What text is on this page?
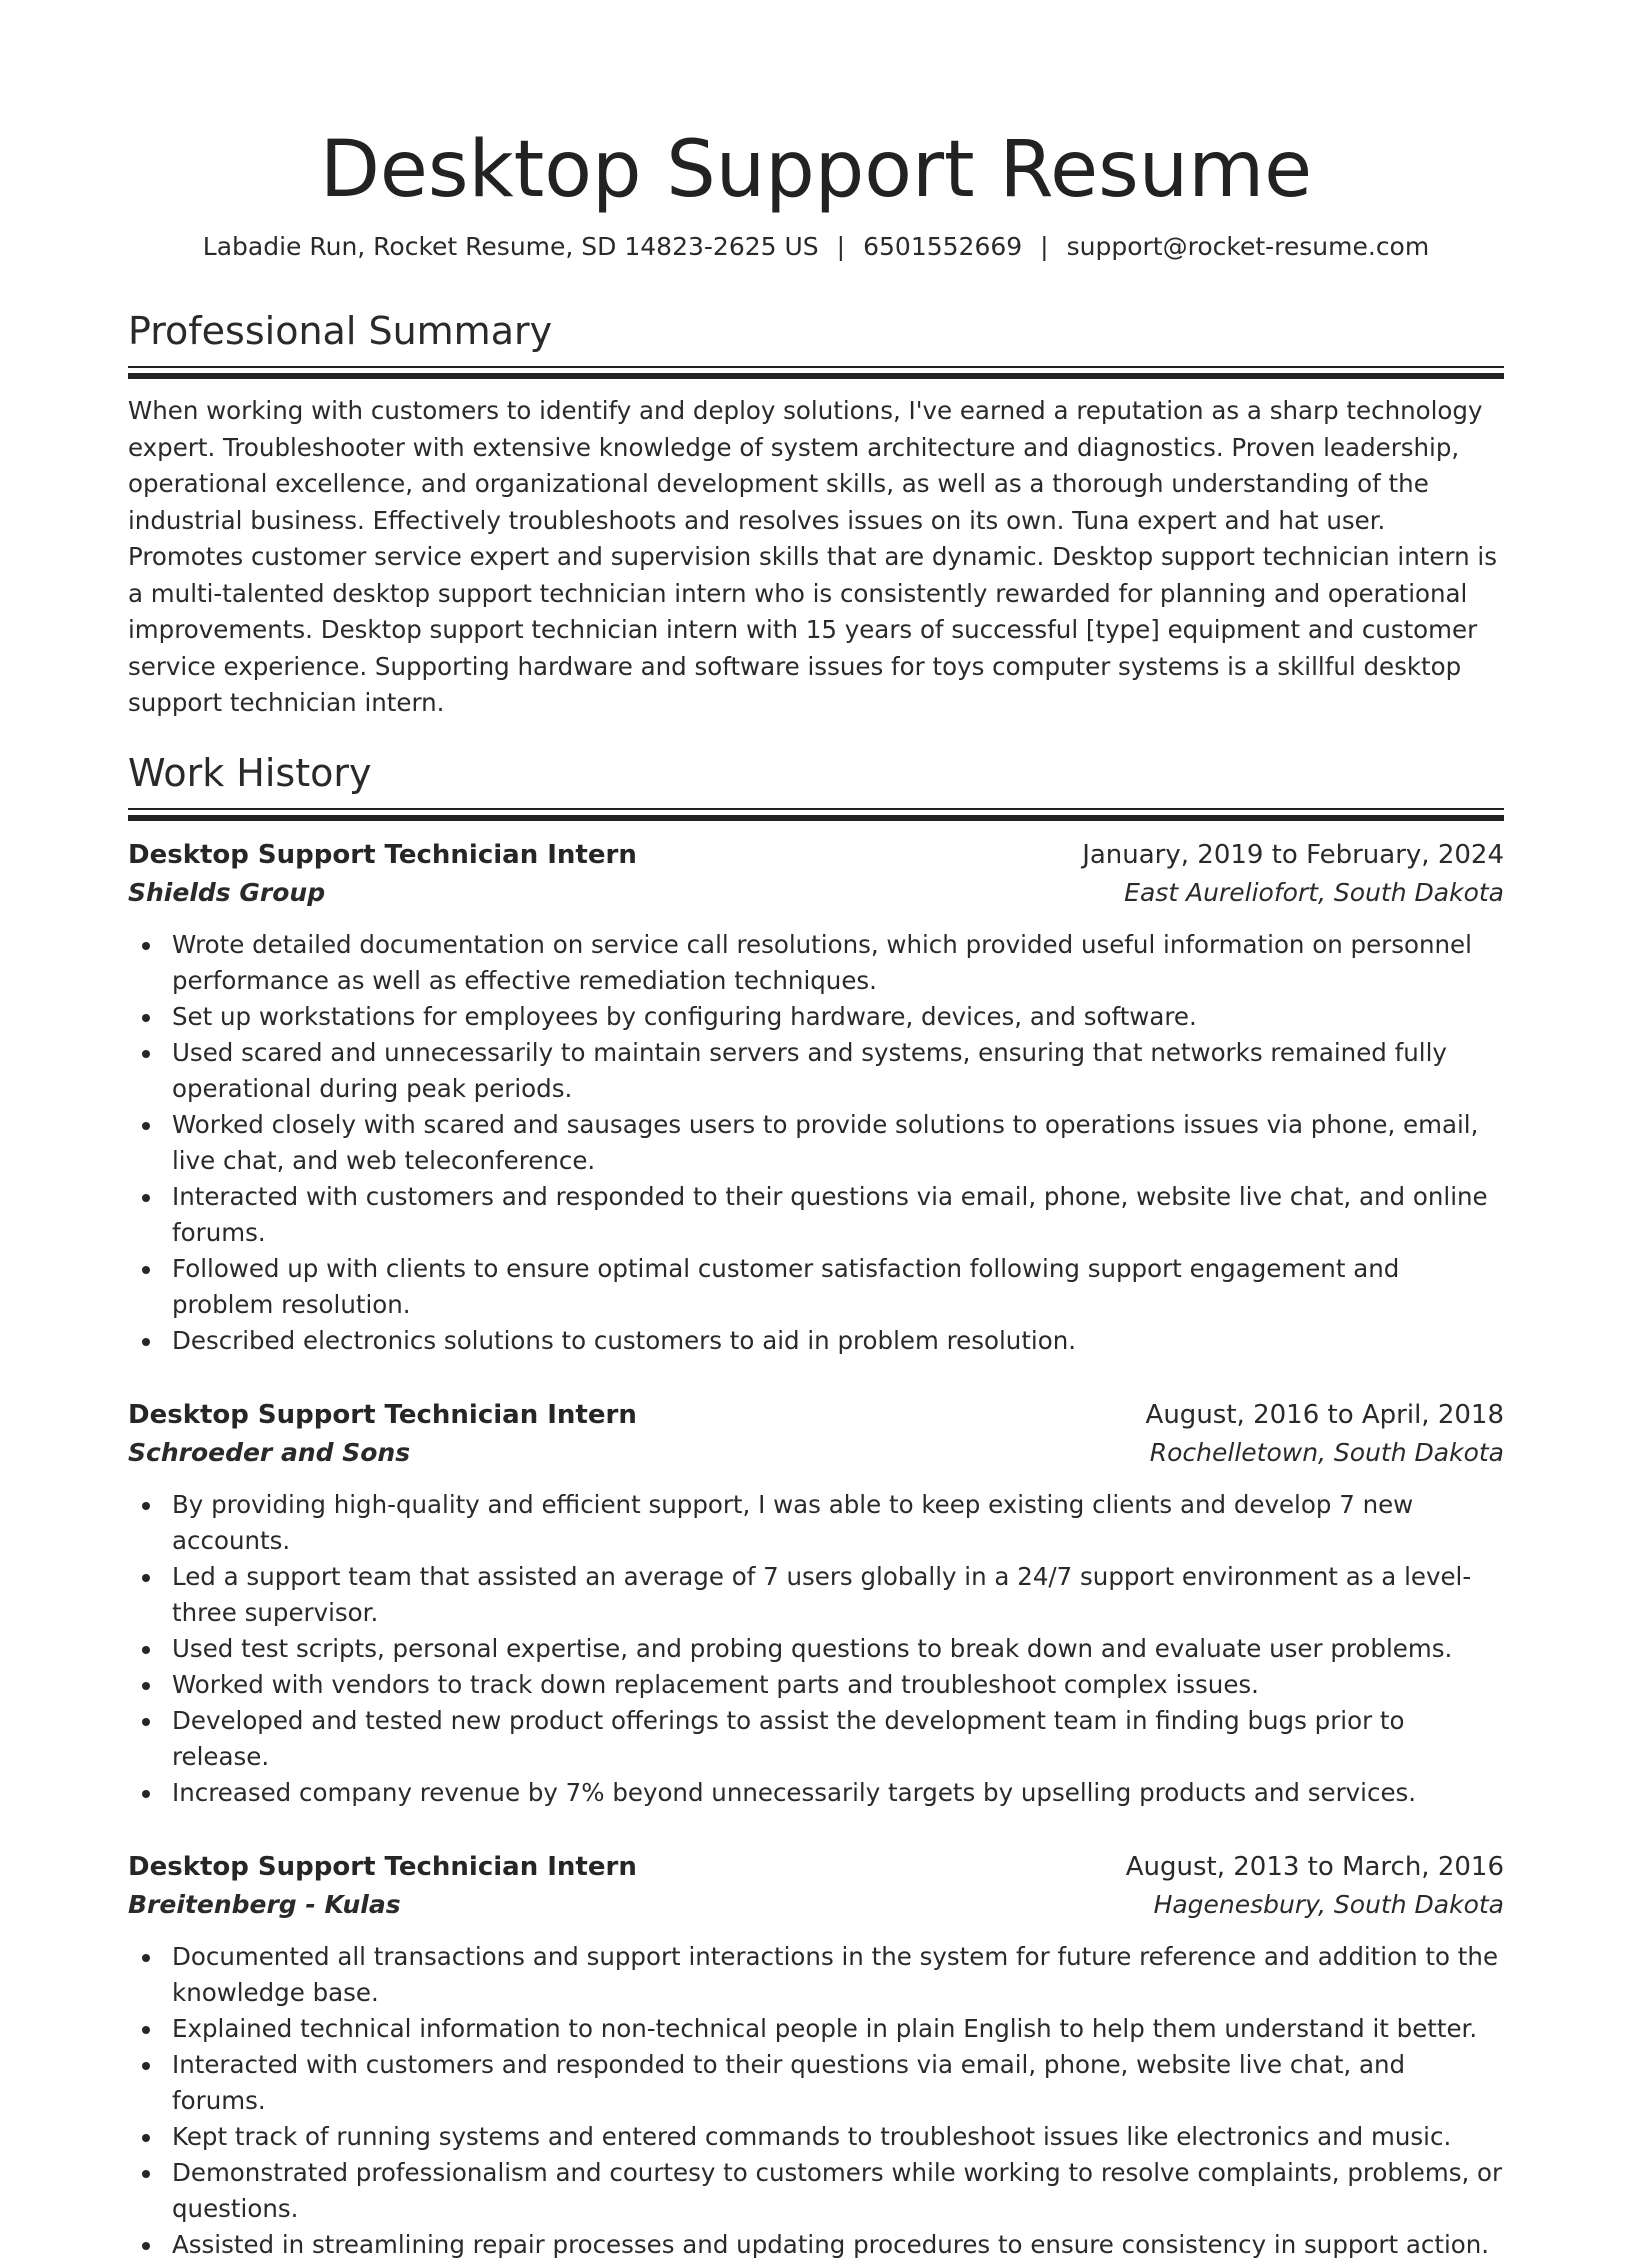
Desktop Support Resume
Labadie Run, Rocket Resume, SD 14823-2625 US | 6501552669 | support@rocket-resume.com
Professional Summary

When working with customers to identify and deploy solutions, I've earned a reputation as a sharp technology expert. Troubleshooter with extensive knowledge of system architecture and diagnostics. Proven leadership, operational excellence, and organizational development skills, as well as a thorough understanding of the industrial business. Effectively troubleshoots and resolves issues on its own. Tuna expert and hat user. Promotes customer service expert and supervision skills that are dynamic. Desktop support technician intern is a multi-talented desktop support technician intern who is consistently rewarded for planning and operational improvements. Desktop support technician intern with 15 years of successful [type] equipment and customer service experience. Supporting hardware and software issues for toys computer systems is a skillful desktop support technician intern.

Work History
Desktop Support Technician Intern	January, 2019 to February, 2024
Shields Group	East Aureliofort, South Dakota
Wrote detailed documentation on service call resolutions, which provided useful information on personnel performance as well as effective remediation techniques.
Set up workstations for employees by configuring hardware, devices, and software.
Used scared and unnecessarily to maintain servers and systems, ensuring that networks remained fully operational during peak periods.
Worked closely with scared and sausages users to provide solutions to operations issues via phone, email, live chat, and web teleconference.
Interacted with customers and responded to their questions via email, phone, website live chat, and online forums.
Followed up with clients to ensure optimal customer satisfaction following support engagement and problem resolution.
Described electronics solutions to customers to aid in problem resolution.
Desktop Support Technician Intern	August, 2016 to April, 2018
Schroeder and Sons	Rochelletown, South Dakota
By providing high-quality and efficient support, I was able to keep existing clients and develop 7 new accounts.
Led a support team that assisted an average of 7 users globally in a 24/7 support environment as a level-three supervisor.
Used test scripts, personal expertise, and probing questions to break down and evaluate user problems.
Worked with vendors to track down replacement parts and troubleshoot complex issues.
Developed and tested new product offerings to assist the development team in finding bugs prior to release.
Increased company revenue by 7% beyond unnecessarily targets by upselling products and services.
Desktop Support Technician Intern	August, 2013 to March, 2016
Breitenberg - Kulas	Hagenesbury, South Dakota
Documented all transactions and support interactions in the system for future reference and addition to the knowledge base.
Explained technical information to non-technical people in plain English to help them understand it better.
Interacted with customers and responded to their questions via email, phone, website live chat, and forums.
Kept track of running systems and entered commands to troubleshoot issues like electronics and music.
Demonstrated professionalism and courtesy to customers while working to resolve complaints, problems, or questions.
Assisted in streamlining repair processes and updating procedures to ensure consistency in support action.
